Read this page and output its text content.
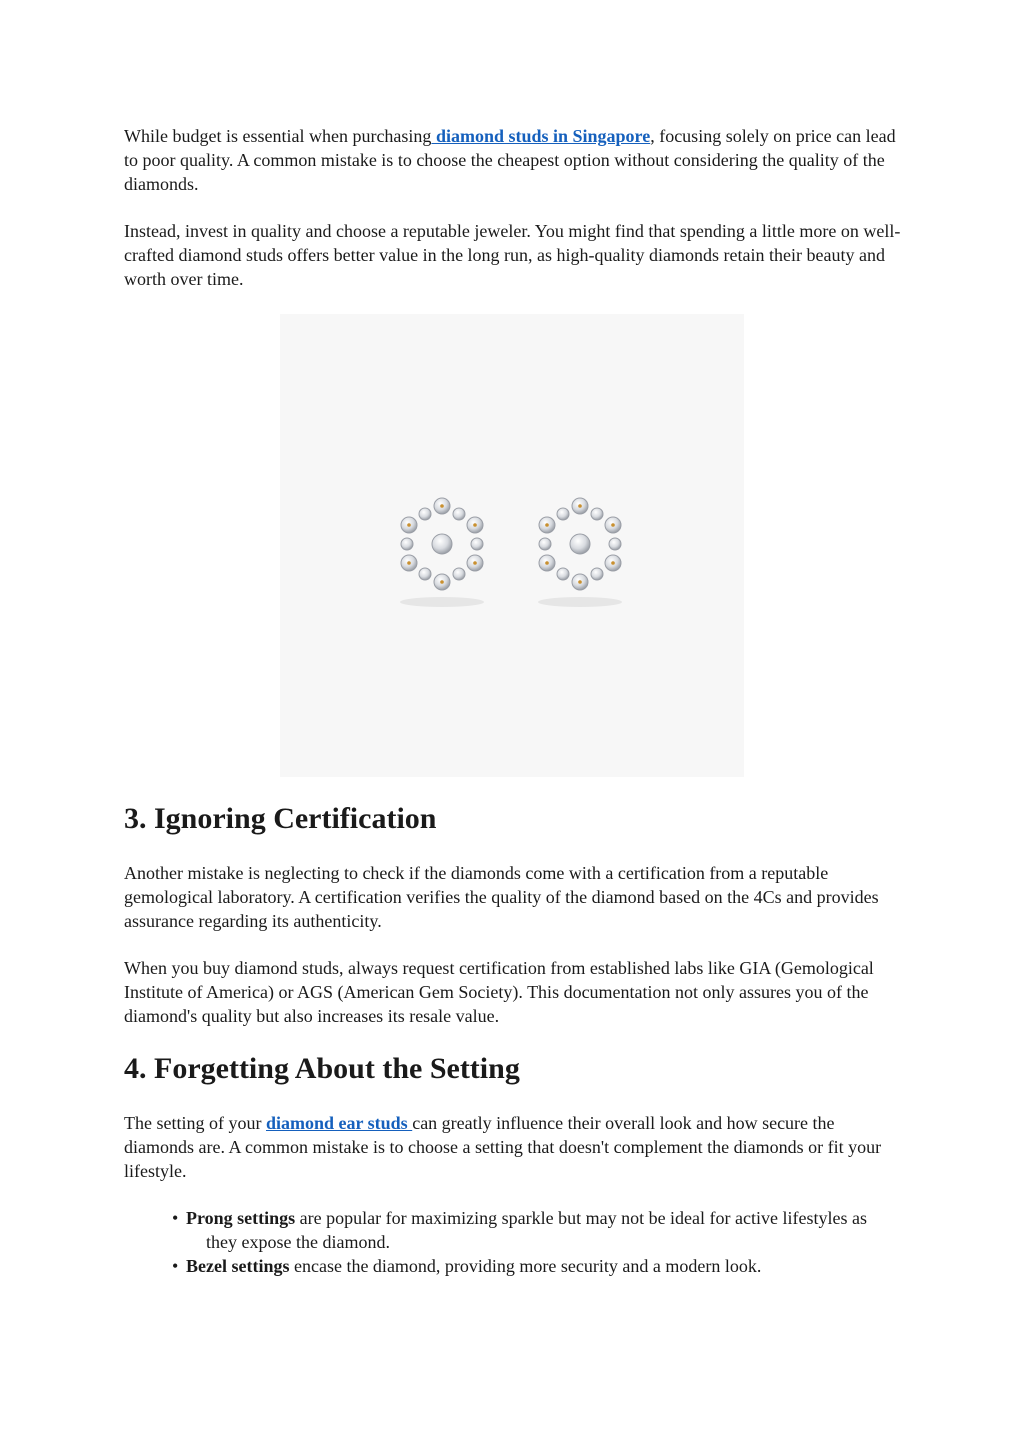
While budget is essential when purchasing diamond studs in Singapore, focusing solely on price can lead to poor quality. A common mistake is to choose the cheapest option without considering the quality of the diamonds.

Instead, invest in quality and choose a reputable jeweler. You might find that spending a little more on well-crafted diamond studs offers better value in the long run, as high-quality diamonds retain their beauty and worth over time.

3. Ignoring Certification

Another mistake is neglecting to check if the diamonds come with a certification from a reputable gemological laboratory. A certification verifies the quality of the diamond based on the 4Cs and provides assurance regarding its authenticity.

When you buy diamond studs, always request certification from established labs like GIA (Gemological Institute of America) or AGS (American Gem Society). This documentation not only assures you of the diamond's quality but also increases its resale value.

4. Forgetting About the Setting

The setting of your diamond ear studs can greatly influence their overall look and how secure the diamonds are. A common mistake is to choose a setting that doesn't complement the diamonds or fit your lifestyle.

• Prong settings are popular for maximizing sparkle but may not be ideal for active lifestyles as they expose the diamond.
• Bezel settings encase the diamond, providing more security and a modern look.
